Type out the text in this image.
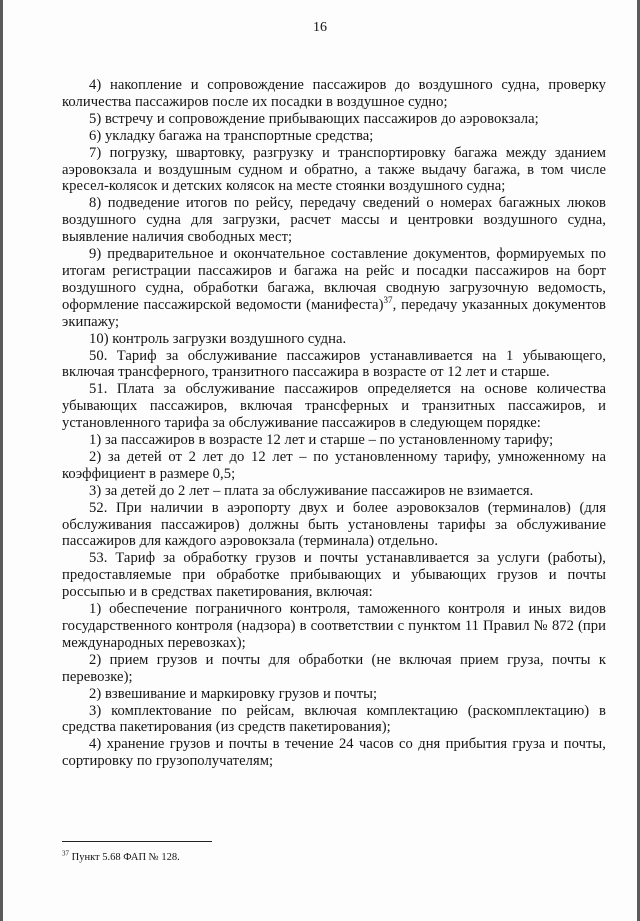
16

4) накопление и сопровождение пассажиров до воздушного судна, проверку количества пассажиров после их посадки в воздушное судно;

5) встречу и сопровождение прибывающих пассажиров до аэровокзала;

6) укладку багажа на транспортные средства;

7) погрузку, швартовку, разгрузку и транспортировку багажа между зданием аэровокзала и воздушным судном и обратно, а также выдачу багажа, в том числе кресел-колясок и детских колясок на месте стоянки воздушного судна;

8) подведение итогов по рейсу, передачу сведений о номерах багажных люков воздушного судна для загрузки, расчет массы и центровки воздушного судна, выявление наличия свободных мест;

9) предварительное и окончательное составление документов, формируемых по итогам регистрации пассажиров и багажа на рейс и посадки пассажиров на борт воздушного судна, обработки багажа, включая сводную загрузочную ведомость, оформление пассажирской ведомости (манифеста)$^{37}$, передачу указанных документов экипажу;

10) контроль загрузки воздушного судна.

50. Тариф за обслуживание пассажиров устанавливается на 1 убывающего, включая трансферного, транзитного пассажира в возрасте от 12 лет и старше.

51. Плата за обслуживание пассажиров определяется на основе количества убывающих пассажиров, включая трансферных и транзитных пассажиров, и установленного тарифа за обслуживание пассажиров в следующем порядке:

1) за пассажиров в возрасте 12 лет и старше – по установленному тарифу;

2) за детей от 2 лет до 12 лет – по установленному тарифу, умноженному на коэффициент в размере 0,5;

3) за детей до 2 лет – плата за обслуживание пассажиров не взимается.

52. При наличии в аэропорту двух и более аэровокзалов (терминалов) (для обслуживания пассажиров) должны быть установлены тарифы за обслуживание пассажиров для каждого аэровокзала (терминала) отдельно.

53. Тариф за обработку грузов и почты устанавливается за услуги (работы), предоставляемые при обработке прибывающих и убывающих грузов и почты россыпью и в средствах пакетирования, включая:

1) обеспечение пограничного контроля, таможенного контроля и иных видов государственного контроля (надзора) в соответствии с пунктом 11 Правил № 872 (при международных перевозках);

2) прием грузов и почты для обработки (не включая прием груза, почты к перевозке);

2) взвешивание и маркировку грузов и почты;

3) комплектование по рейсам, включая комплектацию (раскомплектацию) в средства пакетирования (из средств пакетирования);

4) хранение грузов и почты в течение 24 часов со дня прибытия груза и почты, сортировку по грузополучателям;

$^{37}$ Пункт 5.68 ФАП № 128.
